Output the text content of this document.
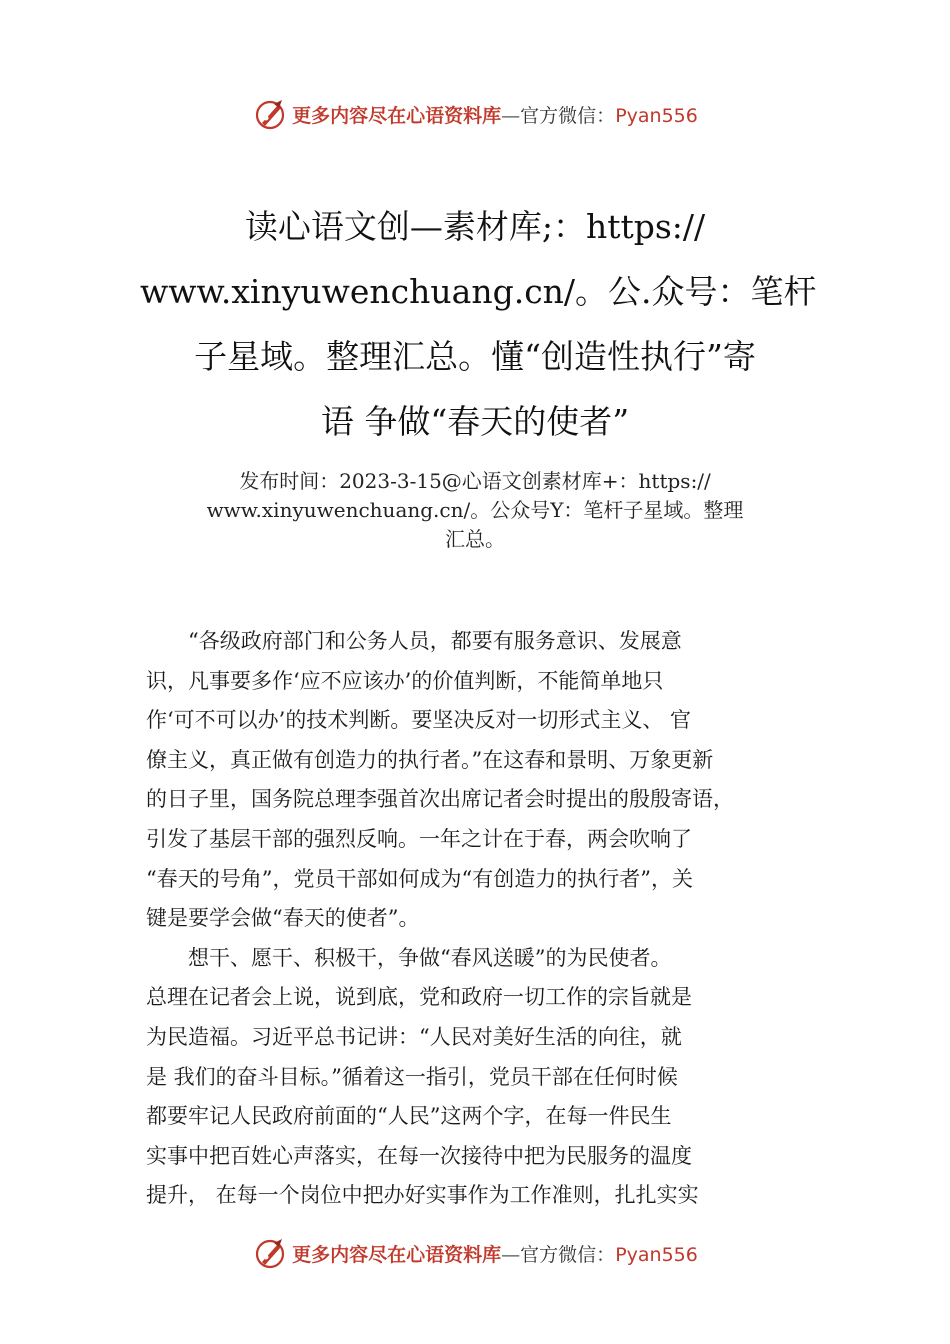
更多内容尽在心语资料库—官方微信：Pyan556
读心语文创—素材库;：https://
www.xinyuwenchuang.cn/。公.众号：笔杆
子星域。整理汇总。懂“创造性执行”寄
语 争做“春天的使者”
发布时间：2023-3-15@心语文创素材库+：https://
www.xinyuwenchuang.cn/。公众号Y：笔杆子星域。整理
汇总。
　　“各级政府部门和公务人员，都要有服务意识、发展意
识，凡事要多作‘应不应该办’的价值判断，不能简单地只
作‘可不可以办’的技术判断。要坚决反对一切形式主义、 官
僚主义，真正做有创造力的执行者。”在这春和景明、万象更新
的日子里，国务院总理李强首次出席记者会时提出的殷殷寄语，
引发了基层干部的强烈反响。一年之计在于春，两会吹响了
“春天的号角”，党员干部如何成为“有创造力的执行者”，关
键是要学会做“春天的使者”。
　　想干、愿干、积极干，争做“春风送暖”的为民使者。
总理在记者会上说，说到底，党和政府一切工作的宗旨就是
为民造福。习近平总书记讲：“人民对美好生活的向往，就
是 我们的奋斗目标。”循着这一指引，党员干部在任何时候
都要牢记人民政府前面的“人民”这两个字，在每一件民生
实事中把百姓心声落实，在每一次接待中把为民服务的温度
提升， 在每一个岗位中把办好实事作为工作准则，扎扎实实
更多内容尽在心语资料库—官方微信：Pyan556
